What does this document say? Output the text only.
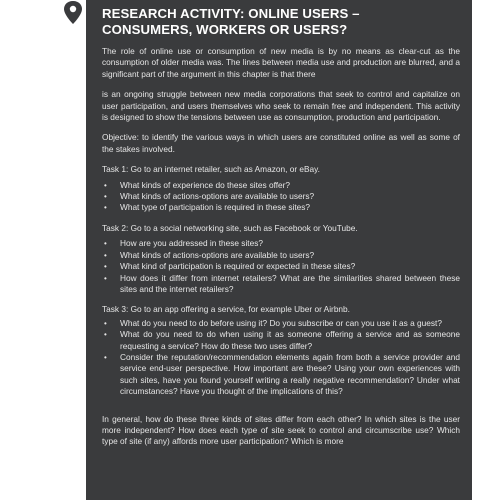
RESEARCH ACTIVITY: ONLINE USERS –
CONSUMERS, WORKERS OR USERS?

The role of online use or consumption of new media is by no means as clear-cut as the consumption of older media was. The lines between media use and production are blurred, and a significant part of the argument in this chapter is that there

is an ongoing struggle between new media corporations that seek to control and capitalize on user participation, and users themselves who seek to remain free and independent. This activity is designed to show the tensions between use as consumption, production and participation.

Objective: to identify the various ways in which users are constituted online as well as some of the stakes involved.

Task 1: Go to an internet retailer, such as Amazon, or eBay.

• What kinds of experience do these sites offer?
• What kinds of actions-options are available to users?
• What type of participation is required in these sites?

Task 2: Go to a social networking site, such as Facebook or YouTube.

• How are you addressed in these sites?
• What kinds of actions-options are available to users?
• What kind of participation is required or expected in these sites?
• How does it differ from internet retailers? What are the similarities shared between these sites and the internet retailers?

Task 3: Go to an app offering a service, for example Uber or Airbnb.

• What do you need to do before using it? Do you subscribe or can you use it as a guest?
• What do you need to do when using it as someone offering a service and as someone requesting a service? How do these two uses differ?
• Consider the reputation/recommendation elements again from both a service provider and service end-user perspective. How important are these? Using your own experiences with such sites, have you found yourself writing a really negative recommendation? Under what circumstances? Have you thought of the implications of this?

In general, how do these three kinds of sites differ from each other? In which sites is the user more independent? How does each type of site seek to control and circumscribe use? Which type of site (if any) affords more user participation? Which is more
